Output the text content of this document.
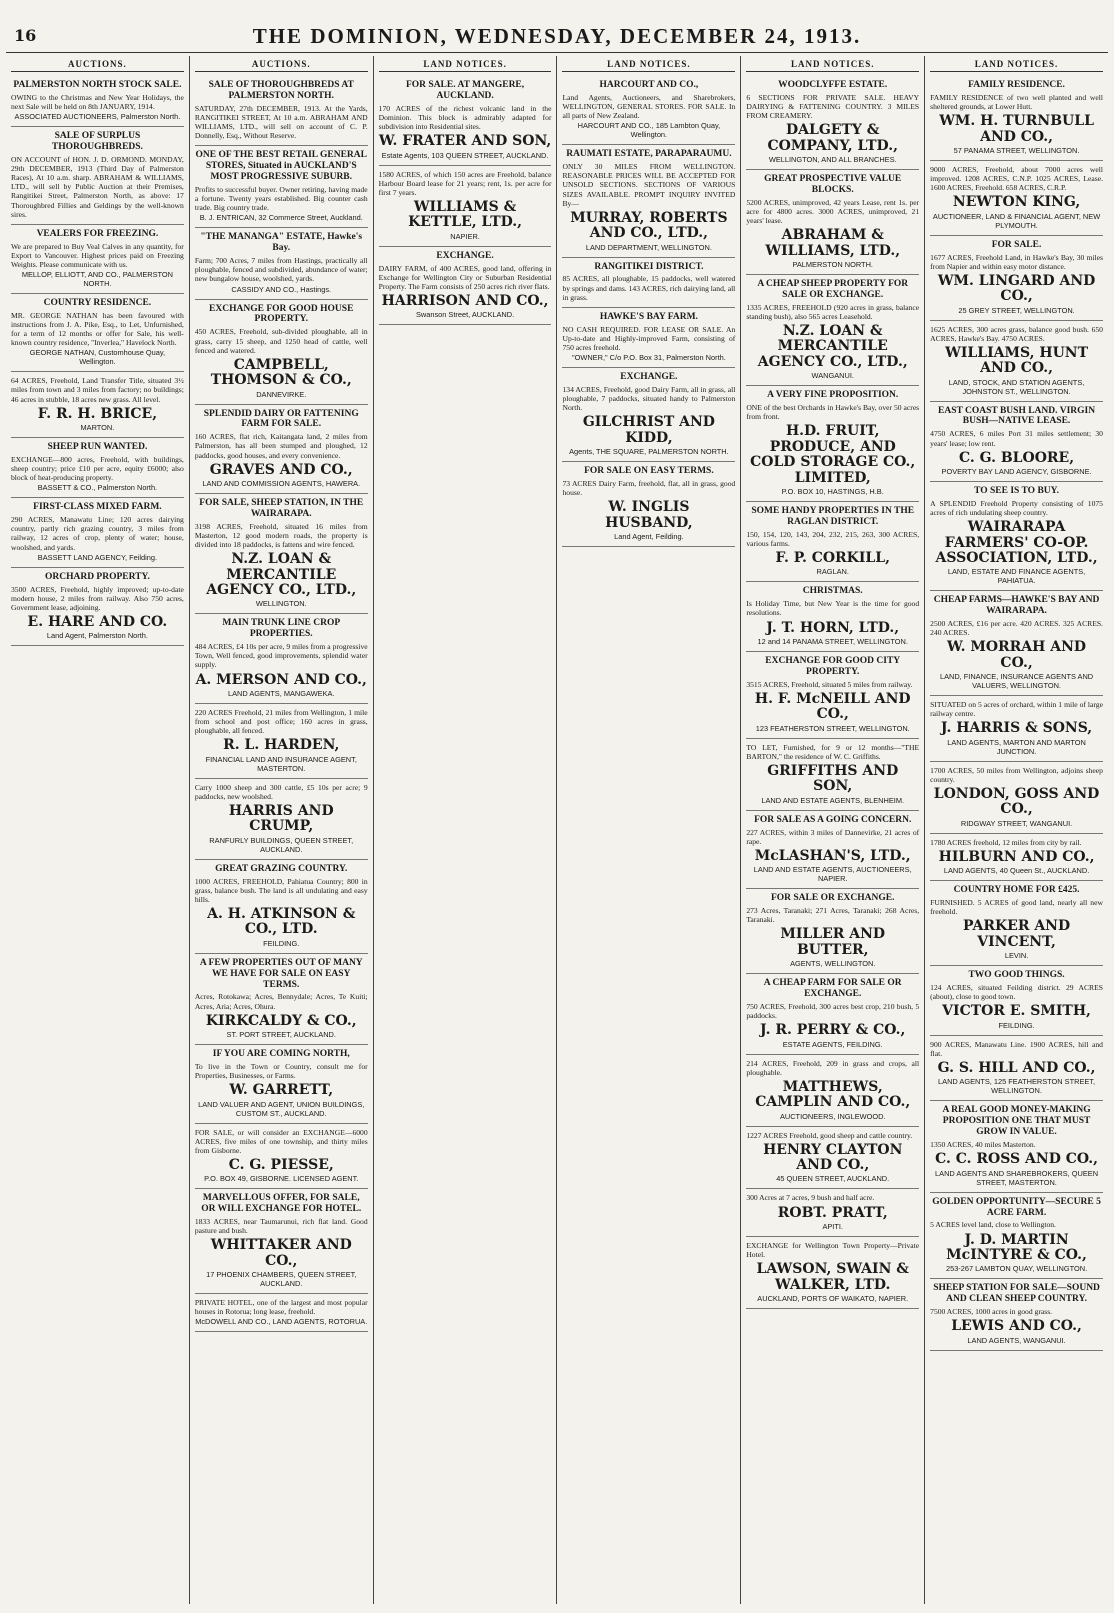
16	THE DOMINION, WEDNESDAY, DECEMBER 24, 1913.
AUCTIONS.
PALMERSTON NORTH STOCK SALE.
OWING to the Christmas and New Year Holidays, the next Sale will be held on 8th JANUARY, 1914.
ASSOCIATED AUCTIONEERS, Palmerston North.
SALE OF SURPLUS THOROUGHBREDS.
ON ACCOUNT of HON. J. D. ORMOND. MONDAY, 29th DECEMBER, 1913 (Third Day of Palmerston Races), At 10 a.m. sharp. ABRAHAM & WILLIAMS, LTD., will sell by Public Auction at their Premises, Rangitikei Street, Palmerston North, as above: 17 Thoroughbred Fillies and Geldings by the well-known sires.
VEALERS FOR FREEZING.
We are prepared to Buy Veal Calves in any quantity, for Export to Vancouver. Highest prices paid on Freezing Weights. Please communicate with us.
MELLOP, ELLIOTT, AND CO., PALMERSTON NORTH.
COUNTRY RESIDENCE.
MR. GEORGE NATHAN has been favoured with instructions from J. A. Pike, Esq., to Let, Unfurnished, for a term of 12 months or offer for Sale, his well-known country residence, "Inverlea," Havelock North.
GEORGE NATHAN, Customhouse Quay, Wellington.
64 ACRES, Freehold, Land Transfer Title, situated 3½ miles from town and 3 miles from factory; no buildings; 46 acres in stubble, 18 acres new grass. All level.
F. R. H. BRICE,
MARTON.
SHEEP RUN WANTED.
EXCHANGE—800 acres, Freehold, with buildings, sheep country; price £10 per acre, equity £6000; also block of heat-producing property.
BASSETT & CO., Palmerston North.
FIRST-CLASS MIXED FARM.
290 ACRES, Manawatu Line; 120 acres dairying country, partly rich grazing country, 3 miles from railway, 12 acres of crop, plenty of water; house, woolshed, and yards.
BASSETT LAND AGENCY, Feilding.
ORCHARD PROPERTY.
3500 ACRES, Freehold, highly improved; up-to-date modern house, 2 miles from railway. Also 750 acres, Government lease, adjoining.
E. HARE AND CO.
Land Agent, Palmerston North.
AUCTIONS.
SALE OF THOROUGHBREDS AT PALMERSTON NORTH.
SATURDAY, 27th DECEMBER, 1913. At the Yards, RANGITIKEI STREET, At 10 a.m. ABRAHAM AND WILLIAMS, LTD., will sell on account of C. P. Donnelly, Esq., Without Reserve.
ONE OF THE BEST RETAIL GENERAL STORES, Situated in AUCKLAND'S MOST PROGRESSIVE SUBURB.
Profits to successful buyer. Owner retiring, having made a fortune. Twenty years established. Big counter cash trade. Big country trade.
B. J. ENTRICAN, 32 Commerce Street, Auckland.
"THE MANANGA" ESTATE, Hawke's Bay.
Farm; 700 Acres, 7 miles from Hastings, practically all ploughable, fenced and subdivided, abundance of water; new bungalow house, woolshed, yards.
CASSIDY AND CO., Hastings.
EXCHANGE FOR GOOD HOUSE PROPERTY.
450 ACRES, Freehold, sub-divided ploughable, all in grass, carry 15 sheep, and 1250 head of cattle, well fenced and watered.
CAMPBELL, THOMSON & CO.,
DANNEVIRKE.
SPLENDID DAIRY OR FATTENING FARM FOR SALE.
160 ACRES, flat rich, Kaitangata land, 2 miles from Palmerston, has all been stumped and ploughed, 12 paddocks, good houses, and every convenience.
GRAVES AND CO.,
LAND AND COMMISSION AGENTS, HAWERA.
FOR SALE, SHEEP STATION, IN THE WAIRARAPA.
3198 ACRES, Freehold, situated 16 miles from Masterton, 12 good modern roads, the property is divided into 18 paddocks, is fattens and wire fenced.
N.Z. LOAN & MERCANTILE AGENCY CO., LTD.,
WELLINGTON.
MAIN TRUNK LINE CROP PROPERTIES.
484 ACRES, £4 10s per acre, 9 miles from a progressive Town, Well fenced, good improvements, splendid water supply.
A. MERSON AND CO.,
LAND AGENTS, MANGAWEKA.
220 ACRES Freehold, 21 miles from Wellington, 1 mile from school and post office; 160 acres in grass, ploughable, all fenced.
R. L. HARDEN,
FINANCIAL LAND AND INSURANCE AGENT, MASTERTON.
Carry 1000 sheep and 300 cattle, £5 10s per acre; 9 paddocks, new woolshed.
HARRIS AND CRUMP,
RANFURLY BUILDINGS, QUEEN STREET, AUCKLAND.
GREAT GRAZING COUNTRY.
1000 ACRES, FREEHOLD, Pahiatua Country; 800 in grass, balance bush. The land is all undulating and easy hills.
A. H. ATKINSON & CO., LTD.
FEILDING.
A FEW PROPERTIES OUT OF MANY WE HAVE FOR SALE ON EASY TERMS.
Acres, Rotokawa; Acres, Bennydale; Acres, Te Kuiti; Acres, Aria; Acres, Ohura.
KIRKCALDY & CO.,
ST. PORT STREET, AUCKLAND.
IF YOU ARE COMING NORTH,
To live in the Town or Country, consult me for Properties, Businesses, or Farms.
W. GARRETT,
LAND VALUER AND AGENT, UNION BUILDINGS, CUSTOM ST., AUCKLAND.
FOR SALE, or will consider an EXCHANGE—6000 ACRES, five miles of one township, and thirty miles from Gisborne.
C. G. PIESSE,
P.O. BOX 49, GISBORNE. LICENSED AGENT.
MARVELLOUS OFFER, FOR SALE, OR WILL EXCHANGE FOR HOTEL.
1833 ACRES, near Taumarunui, rich flat land. Good pasture and bush.
WHITTAKER AND CO.,
17 PHOENIX CHAMBERS, QUEEN STREET, AUCKLAND.
PRIVATE HOTEL, one of the largest and most popular houses in Rotorua; long lease, freehold.
McDOWELL AND CO., LAND AGENTS, ROTORUA.
LAND NOTICES.
FOR SALE. AT MANGERE, AUCKLAND.
170 ACRES of the richest volcanic land in the Dominion. This block is admirably adapted for subdivision into Residential sites.
W. FRATER AND SON,
Estate Agents, 103 QUEEN STREET, AUCKLAND.
1580 ACRES, of which 150 acres are Freehold, balance Harbour Board lease for 21 years; rent, 1s. per acre for first 7 years.
WILLIAMS & KETTLE, LTD.,
NAPIER.
EXCHANGE.
DAIRY FARM, of 400 ACRES, good land, offering in Exchange for Wellington City or Suburban Residential Property. The Farm consists of 250 acres rich river flats.
HARRISON AND CO.,
Swanson Street, AUCKLAND.
LAND NOTICES.
HARCOURT AND CO.,
Land Agents, Auctioneers, and Sharebrokers, WELLINGTON, GENERAL STORES. FOR SALE. In all parts of New Zealand.
HARCOURT AND CO., 185 Lambton Quay, Wellington.
RAUMATI ESTATE, PARAPARAUMU.
ONLY 30 MILES FROM WELLINGTON. REASONABLE PRICES WILL BE ACCEPTED FOR UNSOLD SECTIONS. SECTIONS OF VARIOUS SIZES AVAILABLE. PROMPT INQUIRY INVITED By—
MURRAY, ROBERTS AND CO., LTD.,
LAND DEPARTMENT, WELLINGTON.
RANGITIKEI DISTRICT.
85 ACRES, all ploughable, 15 paddocks, well watered by springs and dams. 143 ACRES, rich dairying land, all in grass.
HAWKE'S BAY FARM.
NO CASH REQUIRED. FOR LEASE OR SALE. An Up-to-date and Highly-improved Farm, consisting of 750 acres freehold.
"OWNER," C/o P.O. Box 31, Palmerston North.
EXCHANGE.
134 ACRES, Freehold, good Dairy Farm, all in grass, all ploughable, 7 paddocks, situated handy to Palmerston North.
GILCHRIST AND KIDD,
Agents, THE SQUARE, PALMERSTON NORTH.
FOR SALE ON EASY TERMS.
73 ACRES Dairy Farm, freehold, flat, all in grass, good house.
W. INGLIS HUSBAND,
Land Agent, Feilding.
LAND NOTICES.
WOODCLYFFE ESTATE.
6 SECTIONS FOR PRIVATE SALE. HEAVY DAIRYING & FATTENING COUNTRY. 3 MILES FROM CREAMERY.
DALGETY & COMPANY, LTD.,
WELLINGTON, AND ALL BRANCHES.
GREAT PROSPECTIVE VALUE BLOCKS.
5200 ACRES, unimproved, 42 years Lease, rent 1s. per acre for 4800 acres. 3000 ACRES, unimproved, 21 years' lease.
ABRAHAM & WILLIAMS, LTD.,
PALMERSTON NORTH.
A CHEAP SHEEP PROPERTY FOR SALE OR EXCHANGE.
1335 ACRES, FREEHOLD (920 acres in grass, balance standing bush), also 565 acres Leasehold.
N.Z. LOAN & MERCANTILE AGENCY CO., LTD.,
WANGANUI.
A VERY FINE PROPOSITION.
ONE of the best Orchards in Hawke's Bay, over 50 acres from front.
H.D. FRUIT, PRODUCE, AND COLD STORAGE CO., LIMITED,
P.O. BOX 10, HASTINGS, H.B.
SOME HANDY PROPERTIES IN THE RAGLAN DISTRICT.
150, 154, 120, 143, 204, 232, 215, 263, 300 ACRES, various farms.
F. P. CORKILL,
RAGLAN.
CHRISTMAS.
Is Holiday Time, but New Year is the time for good resolutions.
J. T. HORN, LTD.,
12 and 14 PANAMA STREET, WELLINGTON.
EXCHANGE FOR GOOD CITY PROPERTY.
3515 ACRES, Freehold, situated 5 miles from railway.
H. F. McNEILL AND CO.,
123 FEATHERSTON STREET, WELLINGTON.
TO LET, Furnished, for 9 or 12 months—"THE BARTON," the residence of W. C. Griffiths.
GRIFFITHS AND SON,
LAND AND ESTATE AGENTS, BLENHEIM.
FOR SALE AS A GOING CONCERN.
227 ACRES, within 3 miles of Dannevirke, 21 acres of rape.
McLASHAN'S, LTD.,
LAND AND ESTATE AGENTS, AUCTIONEERS, NAPIER.
FOR SALE OR EXCHANGE.
273 Acres, Taranaki; 271 Acres, Taranaki; 268 Acres, Taranaki.
MILLER AND BUTTER,
AGENTS, WELLINGTON.
A CHEAP FARM FOR SALE OR EXCHANGE.
750 ACRES, Freehold, 300 acres best crop, 210 bush, 5 paddocks.
J. R. PERRY & CO.,
ESTATE AGENTS, FEILDING.
214 ACRES, Freehold, 209 in grass and crops, all ploughable.
MATTHEWS, CAMPLIN AND CO.,
AUCTIONEERS, INGLEWOOD.
1227 ACRES Freehold, good sheep and cattle country.
HENRY CLAYTON AND CO.,
45 QUEEN STREET, AUCKLAND.
300 Acres at 7 acres, 9 bush and half acre.
ROBT. PRATT,
APITI.
EXCHANGE for Wellington Town Property—Private Hotel.
LAWSON, SWAIN & WALKER, LTD.
AUCKLAND, PORTS OF WAIKATO, NAPIER.
LAND NOTICES.
FAMILY RESIDENCE.
FAMILY RESIDENCE of two well planted and well sheltered grounds, at Lower Hutt.
WM. H. TURNBULL AND CO.,
57 PANAMA STREET, WELLINGTON.
9000 ACRES, Freehold, about 7000 acres well improved. 1208 ACRES, C.N.P. 1025 ACRES, Lease. 1600 ACRES, Freehold. 658 ACRES, C.R.P.
NEWTON KING,
AUCTIONEER, LAND & FINANCIAL AGENT, NEW PLYMOUTH.
FOR SALE.
1677 ACRES, Freehold Land, in Hawke's Bay, 30 miles from Napier and within easy motor distance.
WM. LINGARD AND CO.,
25 GREY STREET, WELLINGTON.
1625 ACRES, 300 acres grass, balance good bush. 650 ACRES, Hawke's Bay. 4750 ACRES.
WILLIAMS, HUNT AND CO.,
LAND, STOCK, AND STATION AGENTS, JOHNSTON ST., WELLINGTON.
EAST COAST BUSH LAND. VIRGIN BUSH—NATIVE LEASE.
4750 ACRES, 6 miles Port 31 miles settlement; 30 years' lease; low rent.
C. G. BLOORE,
POVERTY BAY LAND AGENCY, GISBORNE.
TO SEE IS TO BUY.
A SPLENDID Freehold Property consisting of 1075 acres of rich undulating sheep country.
WAIRARAPA FARMERS' CO-OP. ASSOCIATION, LTD.,
LAND, ESTATE AND FINANCE AGENTS, PAHIATUA.
CHEAP FARMS—HAWKE'S BAY AND WAIRARAPA.
2500 ACRES, £16 per acre. 420 ACRES. 325 ACRES. 240 ACRES.
W. MORRAH AND CO.,
LAND, FINANCE, INSURANCE AGENTS AND VALUERS, WELLINGTON.
SITUATED on 5 acres of orchard, within 1 mile of large railway centre.
J. HARRIS & SONS,
LAND AGENTS, MARTON AND MARTON JUNCTION.
1700 ACRES, 50 miles from Wellington, adjoins sheep country.
LONDON, GOSS AND CO.,
RIDGWAY STREET, WANGANUI.
1780 ACRES freehold, 12 miles from city by rail.
HILBURN AND CO.,
LAND AGENTS, 40 Queen St., AUCKLAND.
COUNTRY HOME FOR £425.
FURNISHED. 5 ACRES of good land, nearly all new freehold.
PARKER AND VINCENT,
LEVIN.
TWO GOOD THINGS.
124 ACRES, situated Feilding district. 29 ACRES (about), close to good town.
VICTOR E. SMITH,
FEILDING.
900 ACRES, Manawatu Line. 1900 ACRES, hill and flat.
G. S. HILL AND CO.,
LAND AGENTS, 125 FEATHERSTON STREET, WELLINGTON.
A REAL GOOD MONEY-MAKING PROPOSITION ONE THAT MUST GROW IN VALUE.
1350 ACRES, 40 miles Masterton.
C. C. ROSS AND CO.,
LAND AGENTS AND SHAREBROKERS, QUEEN STREET, MASTERTON.
GOLDEN OPPORTUNITY—SECURE 5 ACRE FARM.
5 ACRES level land, close to Wellington.
J. D. MARTIN McINTYRE & CO.,
253-267 LAMBTON QUAY, WELLINGTON.
SHEEP STATION FOR SALE—SOUND AND CLEAN SHEEP COUNTRY.
7500 ACRES, 1000 acres in good grass.
LEWIS AND CO.,
LAND AGENTS, WANGANUI.
